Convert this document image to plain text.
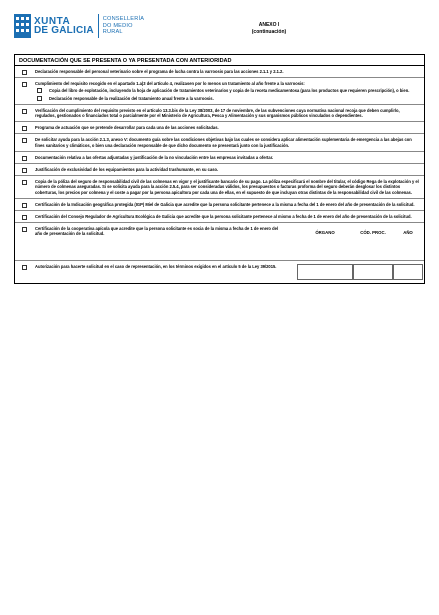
XUNTA
DE GALICIA
CONSELLERÍA
DO MEDIO
RURAL
ANEXO I
(continuación)
DOCUMENTACIÓN QUE SE PRESENTA O YA PRESENTADA CON ANTERIORIDAD
Declaración responsable del personal veterinario sobre el programa de lucha contra la varroosis para las acciones 2.1.1 y 2.1.2.
Cumplimiento del requisito recogido en el apartado 1.a)3 del artículo 4, realizasen por lo menos un tratamiento al año frente a la varroosis:
Copia del libro de explotación, incluyendo la hoja de aplicación de tratamientos veterinarios y copia de la receta medicamentosa (para los productos que requieren prescripción), o bien.
Declaración responsable de la realización del tratamiento anual frente a la varroosis.
Verificación del cumplimiento del requisito previsto en el artículo 13.3.bis de la Ley 38/2003, de 17 de noviembre, de las subvenciones cuya normativa nacional recoja que deben cumplirlo, regulados, gestionados o financiados total o parcialmente por el Ministerio de Agricultura, Pesca y Alimentación y sus organismos públicos vinculados o dependientes.
Programa de actuación que se pretende desarrollar para cada una de las acciones solicitadas.
De solicitar ayuda para la acción 2.1.3, anexo V: documento guía sobre las condiciones objetivas bajo las cuales se considera aplicar alimentación suplementaria de emergencia a las abejas con fines sanitarios y climáticos, o bien una declaración responsable de que dicho documento se presentará junto con la justificación.
Documentación relativa a las ofertas adjuntadas y justificación de la no vinculación entre las empresas invitadas a ofertar.
Justificación de exclusividad de los equipamientos para la actividad trashumante, en su caso.
Copia de la póliza del seguro de responsabilidad civil de las colmenas en vigor y el justificante bancario de su pago. La póliza especificará el nombre del titular, el código Rega de la explotación y el número de colmenas aseguradas. Si se solicita ayuda para la acción 2.5.4, para ser consideradas válidos, los presupuestos o facturas proforma del seguro deberán desglosar los distintos coberturas, los precios por colmena y el coste a pagar por la persona apicultora por cada una de ellas, en el supuesto de que incluyan otras distintas de la responsabilidad civil de las colmenas.
Certificación de la Indicación geográfica protegida (IGP) Miel de Galicia que acredite que la persona solicitante pertenece a la misma a fecha del 1 de enero del año de presentación de la solicitud.
Certificación del Consejo Regulador de Agricultura Ecológica de Galicia que acredite que la persona solicitante pertenece al mismo a fecha de 1 de enero del año de presentación de la solicitud.
Certificación de la cooperativa apícola que acredite que la persona solicitante es socia de la misma a fecha de 1 de enero del año de presentación de la solicitud.	ÓRGANO	CÓD. PROC.	AÑO
Autorización para hacerte solicitud en el caso de representación, en los términos exigidos en el artículo 5 de la Ley 39/2015.
